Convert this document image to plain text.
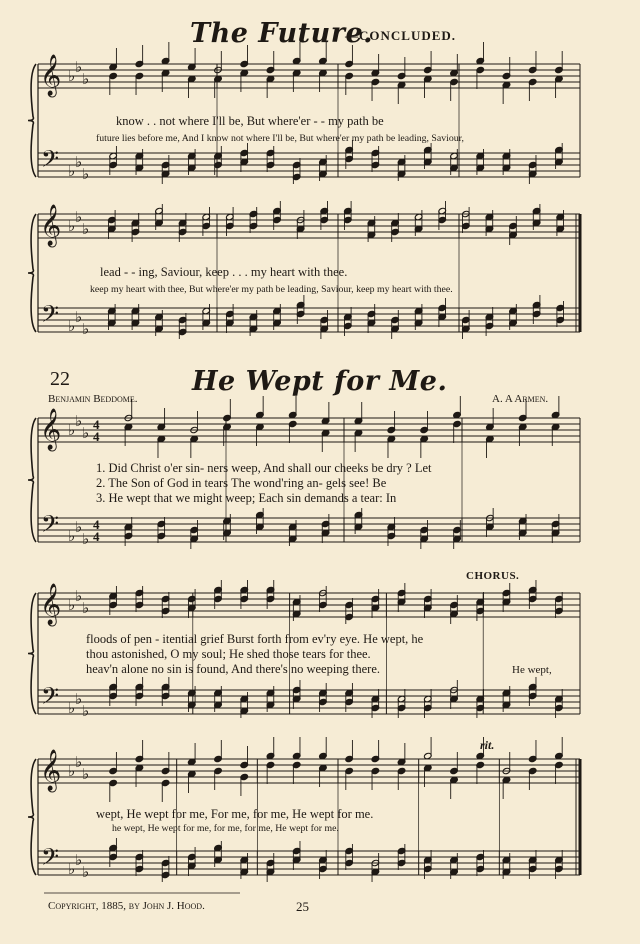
𝄞
𝄢
♭ ♭
♭
♭ ♭
♭
𝄞
𝄢
♭ ♭
♭
♭ ♭
♭
𝄞
𝄢
♭ ♭
♭
♭ ♭
♭
4
4
4
4
𝄞
𝄢
♭ ♭
♭
♭ ♭
♭
𝄞
𝄢
♭ ♭
♭
♭ ♭
♭
The Future.
—CONCLUDED.
know . . not where I'll be, But where'er - - my path be
future lies before me, And I know not where I'll be, But where'er my path be leading, Saviour,
lead - - ing, Saviour, keep . . . my heart with thee.
keep my heart with thee, But where'er my path be leading, Saviour, keep my heart with thee.
22	He Wept for Me.
Benjamin Beddome.	A. A Armen.
1. Did Christ o'er sin- ners weep, And shall our cheeks be dry ? Let
2. The Son of God in tears The wond'ring an- gels see! Be
3. He wept that we might weep; Each sin demands a tear: In
CHORUS.
floods of pen - itential grief Burst forth from ev'ry eye. He wept, he
thou astonished, O my soul; He shed those tears for thee.
heav'n alone no sin is found, And there's no weeping there.	He wept,
rit.
wept, He wept for me, For me, for me, He wept for me.
he wept, He wept for me, for me, for me, He wept for me.
Copyright, 1885, by John J. Hood.	25
